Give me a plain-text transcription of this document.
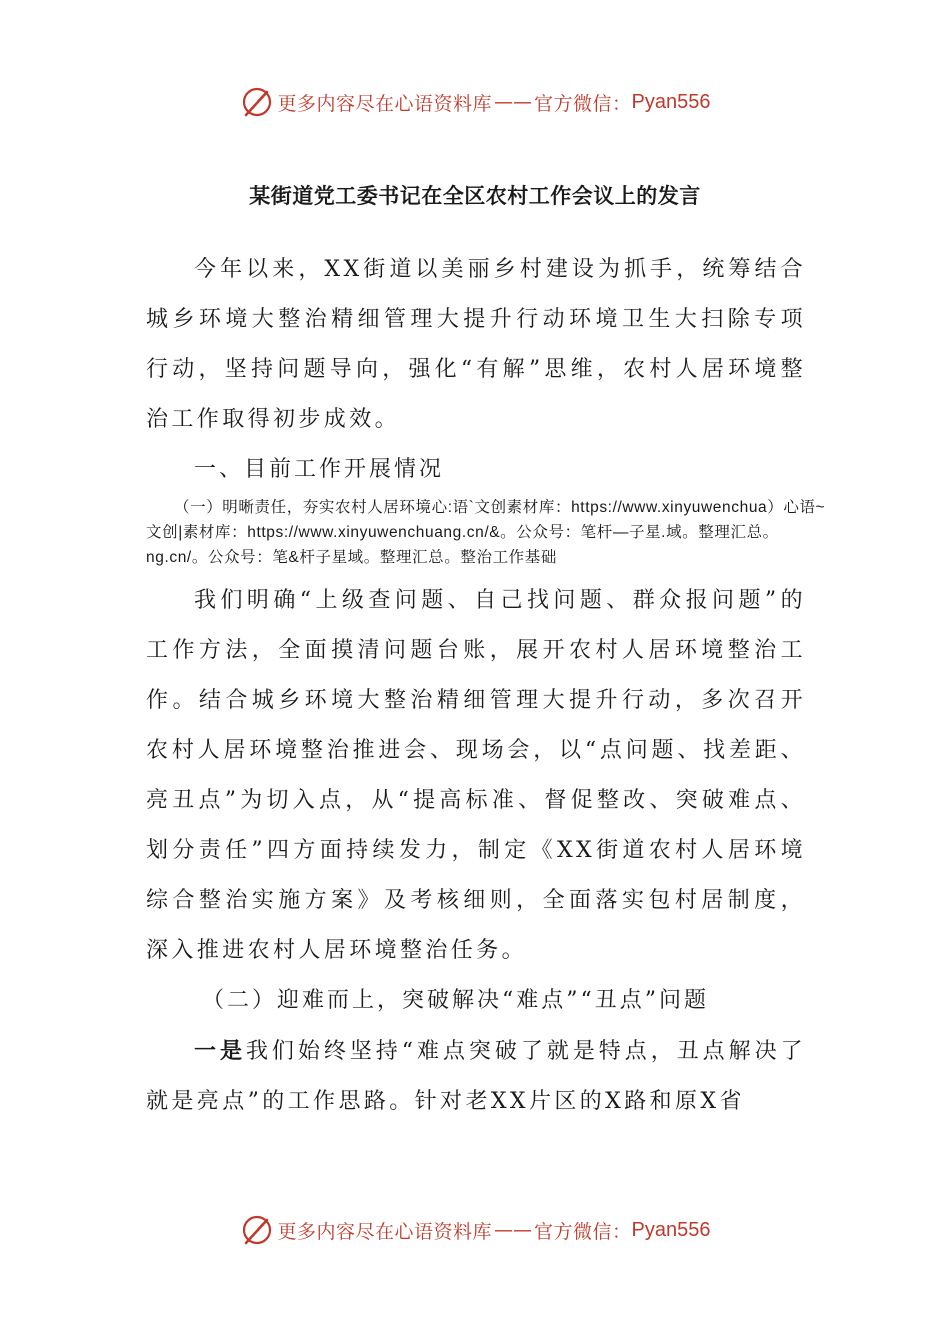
更多内容尽在心语资料库 —— 官方微信： Pyan556
某街道党工委书记在全区农村工作会议上的发言

今年以来，XX街道以美丽乡村建设为抓手，统筹结合城乡环境大整治精细管理大提升行动环境卫生大扫除专项行动，坚持问题导向，强化“有解”思维，农村人居环境整治工作取得初步成效。

一、目前工作开展情况

（一）明晰责任，夯实农村人居环境心:语`文创素材库：https://www.xinyuwenchua）心语~文创|素材库：https://www.xinyuwenchuang.cn/&。公众号：笔杆—子星.域。整理汇总。ng.cn/。公众号：笔&杆子星域。整理汇总。整治工作基础

我们明确“上级查问题、自己找问题、群众报问题”的工作方法，全面摸清问题台账，展开农村人居环境整治工作。结合城乡环境大整治精细管理大提升行动，多次召开农村人居环境整治推进会、现场会，以“点问题、找差距、亮丑点”为切入点，从“提高标准、督促整改、突破难点、划分责任”四方面持续发力，制定《XX街道农村人居环境综合整治实施方案》及考核细则，全面落实包村居制度，深入推进农村人居环境整治任务。

（二）迎难而上，突破解决“难点”“丑点”问题

一是我们始终坚持“难点突破了就是特点，丑点解决了就是亮点”的工作思路。针对老XX片区的X路和原X省

更多内容尽在心语资料库 —— 官方微信： Pyan556
